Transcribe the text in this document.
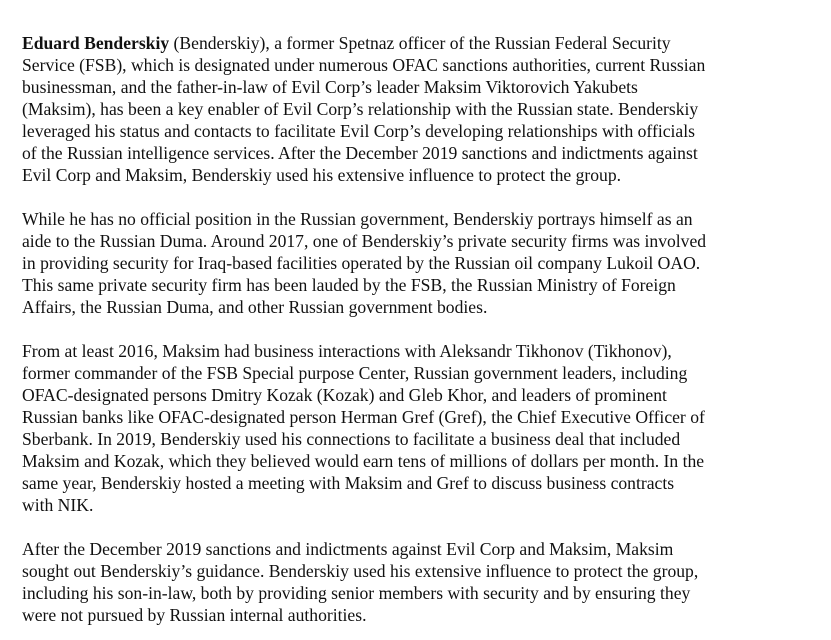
Eduard Benderskiy (Benderskiy), a former Spetnaz officer of the Russian Federal Security
Service (FSB), which is designated under numerous OFAC sanctions authorities, current Russian
businessman, and the father-in-law of Evil Corp’s leader Maksim Viktorovich Yakubets
(Maksim), has been a key enabler of Evil Corp’s relationship with the Russian state. Benderskiy
leveraged his status and contacts to facilitate Evil Corp’s developing relationships with officials
of the Russian intelligence services. After the December 2019 sanctions and indictments against
Evil Corp and Maksim, Benderskiy used his extensive influence to protect the group.

While he has no official position in the Russian government, Benderskiy portrays himself as an
aide to the Russian Duma. Around 2017, one of Benderskiy’s private security firms was involved
in providing security for Iraq-based facilities operated by the Russian oil company Lukoil OAO.
This same private security firm has been lauded by the FSB, the Russian Ministry of Foreign
Affairs, the Russian Duma, and other Russian government bodies.

From at least 2016, Maksim had business interactions with Aleksandr Tikhonov (Tikhonov),
former commander of the FSB Special purpose Center, Russian government leaders, including
OFAC-designated persons Dmitry Kozak (Kozak) and Gleb Khor, and leaders of prominent
Russian banks like OFAC-designated person Herman Gref (Gref), the Chief Executive Officer of
Sberbank. In 2019, Benderskiy used his connections to facilitate a business deal that included
Maksim and Kozak, which they believed would earn tens of millions of dollars per month. In the
same year, Benderskiy hosted a meeting with Maksim and Gref to discuss business contracts
with NIK.

After the December 2019 sanctions and indictments against Evil Corp and Maksim, Maksim
sought out Benderskiy’s guidance. Benderskiy used his extensive influence to protect the group,
including his son-in-law, both by providing senior members with security and by ensuring they
were not pursued by Russian internal authorities.
